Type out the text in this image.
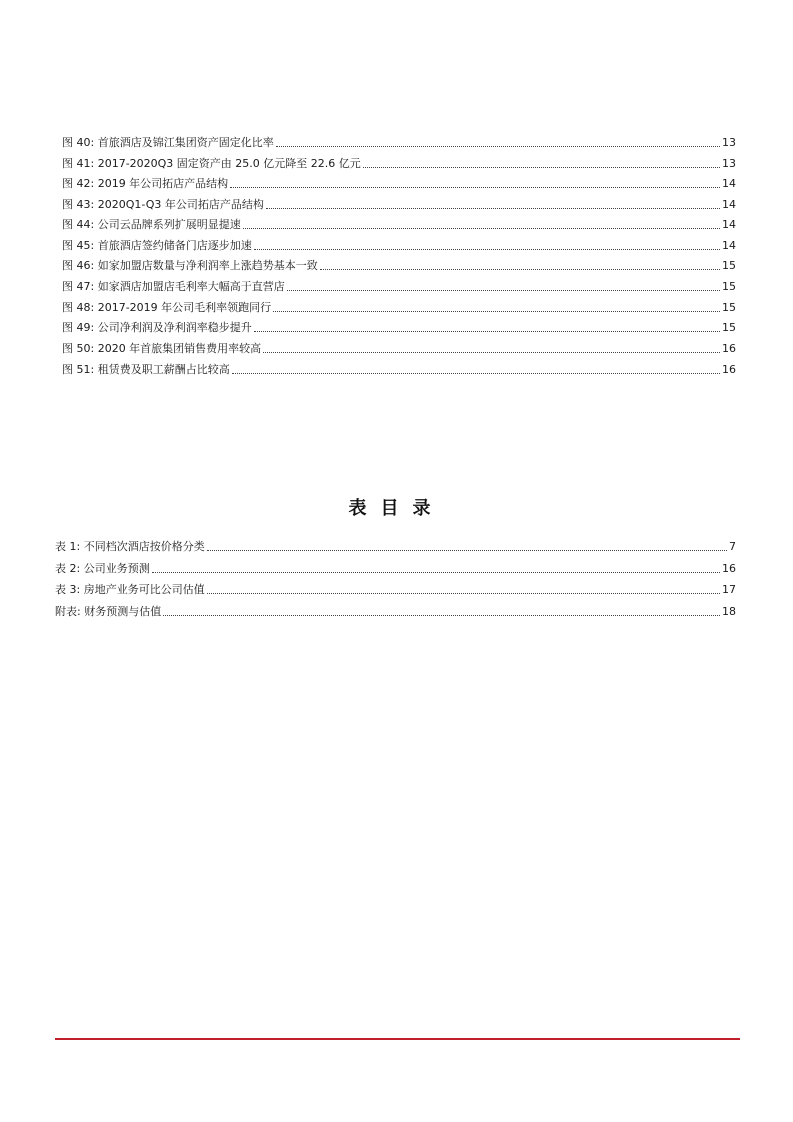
图 40: 首旅酒店及锦江集团资产固定化比率	13
图 41: 2017-2020Q3 固定资产由 25.0 亿元降至 22.6 亿元	13
图 42: 2019 年公司拓店产品结构	14
图 43: 2020Q1-Q3 年公司拓店产品结构	14
图 44: 公司云品牌系列扩展明显提速	14
图 45: 首旅酒店签约储备门店逐步加速	14
图 46: 如家加盟店数量与净利润率上涨趋势基本一致	15
图 47: 如家酒店加盟店毛利率大幅高于直营店	15
图 48: 2017-2019 年公司毛利率领跑同行	15
图 49: 公司净利润及净利润率稳步提升	15
图 50: 2020 年首旅集团销售费用率较高	16
图 51: 租赁费及职工薪酬占比较高	16
表目录
表 1: 不同档次酒店按价格分类	7
表 2: 公司业务预测	16
表 3: 房地产业务可比公司估值	17
附表: 财务预测与估值	18
